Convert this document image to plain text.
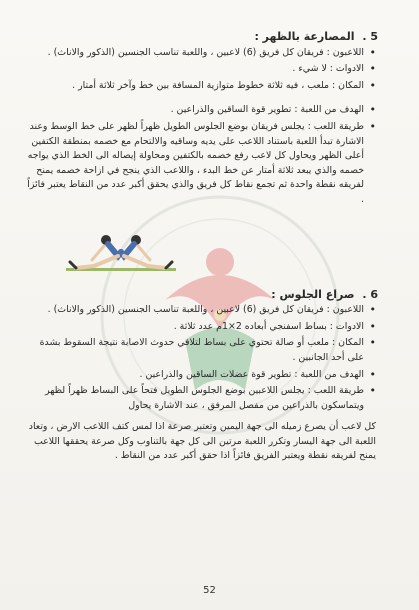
5 . المصارعة بالظهر :
• اللاعبون : فريقان كل فريق (6) لاعبين ، واللعبة تناسب الجنسين (الذكور والاناث) .
• الادوات : لا شيء .
• المكان : ملعب ، فيه ثلاثة خطوط متوازية المسافة بين خط وآخر ثلاثة أمتار .
• الهدف من اللعبة : تطوير قوة الساقين والذراعين .
• طريقة اللعب : يجلس فريقان بوضع الجلوس الطويل ظهراً لظهر على خط الوسط وعند الاشارة تبدأ اللعبة باستناد اللاعب على يديه وساقيه والالتحام مع خصمه بمنطقة الكتفين أعلى الظهر ويحاول كل لاعب رفع خصمه بالكتفين ومحاولة إيصاله الى الخط الذي يواجه خصمه والذي يبعد ثلاثة أمتار عن خط البدء ، واللاعب الذي ينجح في ازاحة خصمه يمنح لفريقه نقطة واحدة ثم تجمع نقاط كل فريق والذي يحقق أكبر عدد من النقاط يعتبر فائزاً .
6 . صراع الجلوس :
• اللاعبون : فريقان كل فريق (6) لاعبين ، واللعبة تناسب الجنسين (الذكور والاناث) .
• الادوات : بساط اسفنجي أبعاده 2×1م عدد ثلاثة .
• المكان : ملعب أو صالة تحتوي على بساط لتلافي حدوث الاصابة نتيجة السقوط بشدة على أحد الجانبين .
• الهدف من اللعبة : تطوير قوة عضلات الساقين والذراعين .
• طريقة اللعب : يجلس اللاعبين بوضع الجلوس الطويل فتحاً على البساط ظهراً لظهر ويتماسكون بالذراعين من مفصل المرفق ، عند الاشارة يحاول

كل لاعب أن يصرع زميله الى جهة اليمين وتعتبر صرعة اذا لمس كتف اللاعب الارض ، وتعاد اللعبة الى جهة اليسار وتكرر اللعبة مرتين الى كل جهة بالتناوب وكل صرعة يحققها اللاعب يمنح لفريقه نقطة ويعتبر الفريق فائزاً اذا حقق أكبر عدد من النقاط .

52
